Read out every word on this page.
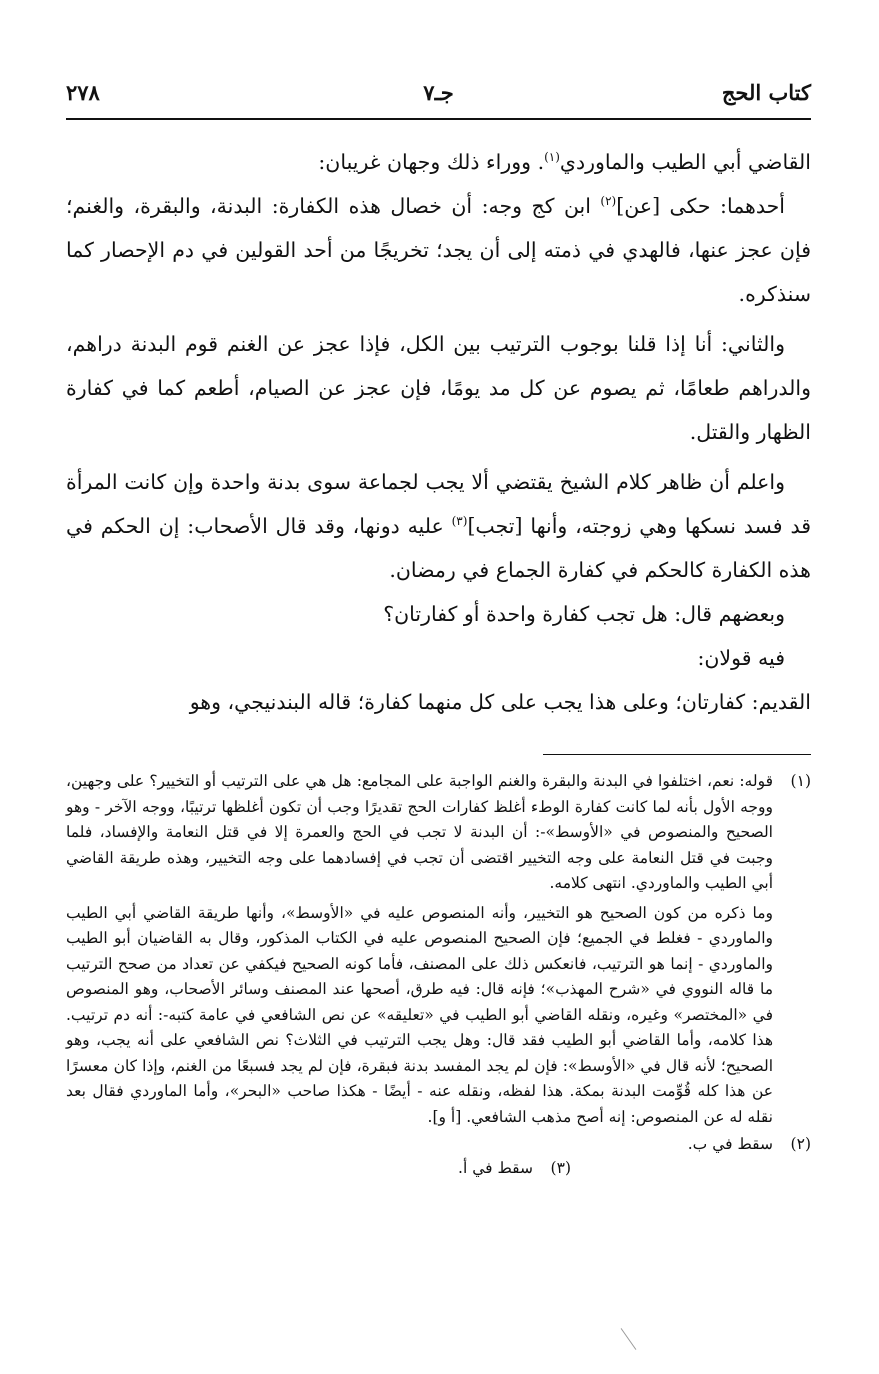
٢٧٨	جـ٧	كتاب الحج

القاضي أبي الطيب والماوردي$^{(١)}$. ووراء ذلك وجهان غريبان:

أحدهما: حكى [عن]$^{(٢)}$ ابن كج وجه: أن خصال هذه الكفارة: البدنة، والبقرة، والغنم؛ فإن عجز عنها، فالهدي في ذمته إلى أن يجد؛ تخريجًا من أحد القولين في دم الإحصار كما سنذكره.

والثاني: أنا إذا قلنا بوجوب الترتيب بين الكل، فإذا عجز عن الغنم قوم البدنة دراهم، والدراهم طعامًا، ثم يصوم عن كل مد يومًا، فإن عجز عن الصيام، أطعم كما في كفارة الظهار والقتل.

واعلم أن ظاهر كلام الشيخ يقتضي ألا يجب لجماعة سوى بدنة واحدة وإن كانت المرأة قد فسد نسكها وهي زوجته، وأنها [تجب]$^{(٣)}$ عليه دونها، وقد قال الأصحاب: إن الحكم في هذه الكفارة كالحكم في كفارة الجماع في رمضان.

وبعضهم قال: هل تجب كفارة واحدة أو كفارتان؟

فيه قولان:

القديم: كفارتان؛ وعلى هذا يجب على كل منهما كفارة؛ قاله البندنيجي، وهو

(١)

قوله: نعم، اختلفوا في البدنة والبقرة والغنم الواجبة على المجامع: هل هي على الترتيب أو التخيير؟ على وجهين، ووجه الأول بأنه لما كانت كفارة الوطء أغلظ كفارات الحج تقديرًا وجب أن تكون أغلظها ترتيبًا، ووجه الآخر - وهو الصحيح والمنصوص في «الأوسط»-: أن البدنة لا تجب في الحج والعمرة إلا في قتل النعامة والإفساد، فلما وجبت في قتل النعامة على وجه التخيير اقتضى أن تجب في إفسادهما على وجه التخيير، وهذه طريقة القاضي أبي الطيب والماوردي. انتهى كلامه.

وما ذكره من كون الصحيح هو التخيير، وأنه المنصوص عليه في «الأوسط»، وأنها طريقة القاضي أبي الطيب والماوردي - فغلط في الجميع؛ فإن الصحيح المنصوص عليه في الكتاب المذكور، وقال به القاضيان أبو الطيب والماوردي - إنما هو الترتيب، فانعكس ذلك على المصنف، فأما كونه الصحيح فيكفي عن تعداد من صحح الترتيب ما قاله النووي في «شرح المهذب»؛ فإنه قال: فيه طرق، أصحها عند المصنف وسائر الأصحاب، وهو المنصوص في «المختصر» وغيره، ونقله القاضي أبو الطيب في «تعليقه» عن نص الشافعي في عامة كتبه-: أنه دم ترتيب. هذا كلامه، وأما القاضي أبو الطيب فقد قال: وهل يجب الترتيب في الثلاث؟ نص الشافعي على أنه يجب، وهو الصحيح؛ لأنه قال في «الأوسط»: فإن لم يجد المفسد بدنة فبقرة، فإن لم يجد فسبعًا من الغنم، وإذا كان معسرًا عن هذا كله قُوِّمت البدنة بمكة. هذا لفظه، ونقله عنه - أيضًا - هكذا صاحب «البحر»، وأما الماوردي فقال بعد نقله له عن المنصوص: إنه أصح مذهب الشافعي. [أ و].

(٢)
سقط في ب.
(٣)
سقط في أ.
